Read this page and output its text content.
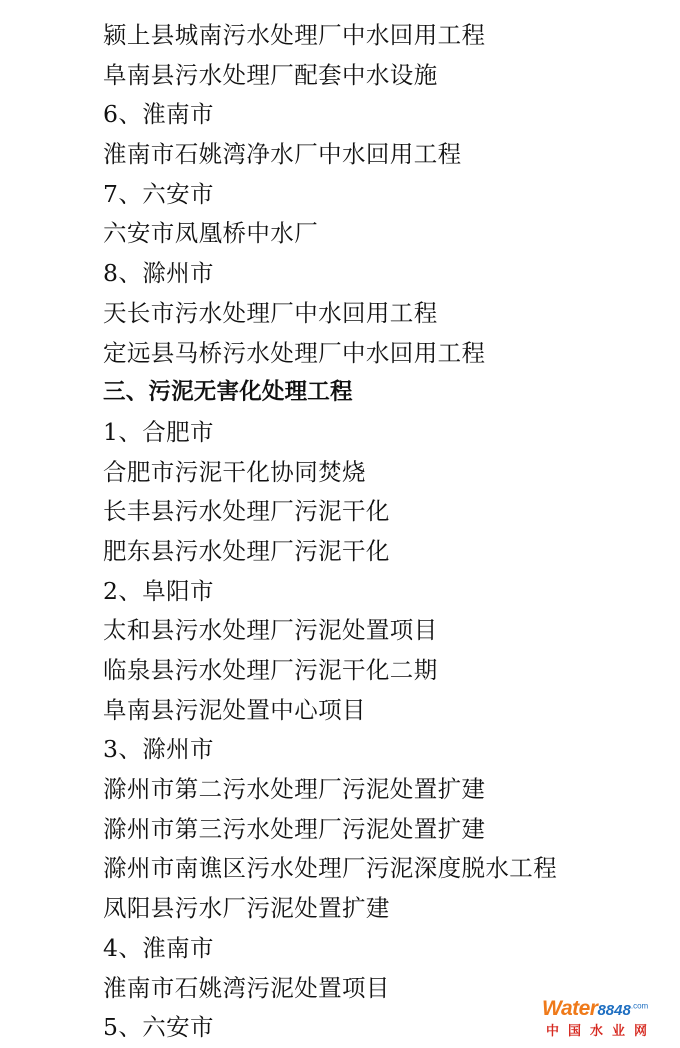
颍上县城南污水处理厂中水回用工程
阜南县污水处理厂配套中水设施
6、淮南市
淮南市石姚湾净水厂中水回用工程
7、六安市
六安市凤凰桥中水厂
8、滁州市
天长市污水处理厂中水回用工程
定远县马桥污水处理厂中水回用工程
三、污泥无害化处理工程
1、合肥市
合肥市污泥干化协同焚烧
长丰县污水处理厂污泥干化
肥东县污水处理厂污泥干化
2、阜阳市
太和县污水处理厂污泥处置项目
临泉县污水处理厂污泥干化二期
阜南县污泥处置中心项目
3、滁州市
滁州市第二污水处理厂污泥处置扩建
滁州市第三污水处理厂污泥处置扩建
滁州市南谯区污水处理厂污泥深度脱水工程
凤阳县污水厂污泥处置扩建
4、淮南市
淮南市石姚湾污泥处置项目
5、六安市
$Water8848^{.com}$
中国水业网
